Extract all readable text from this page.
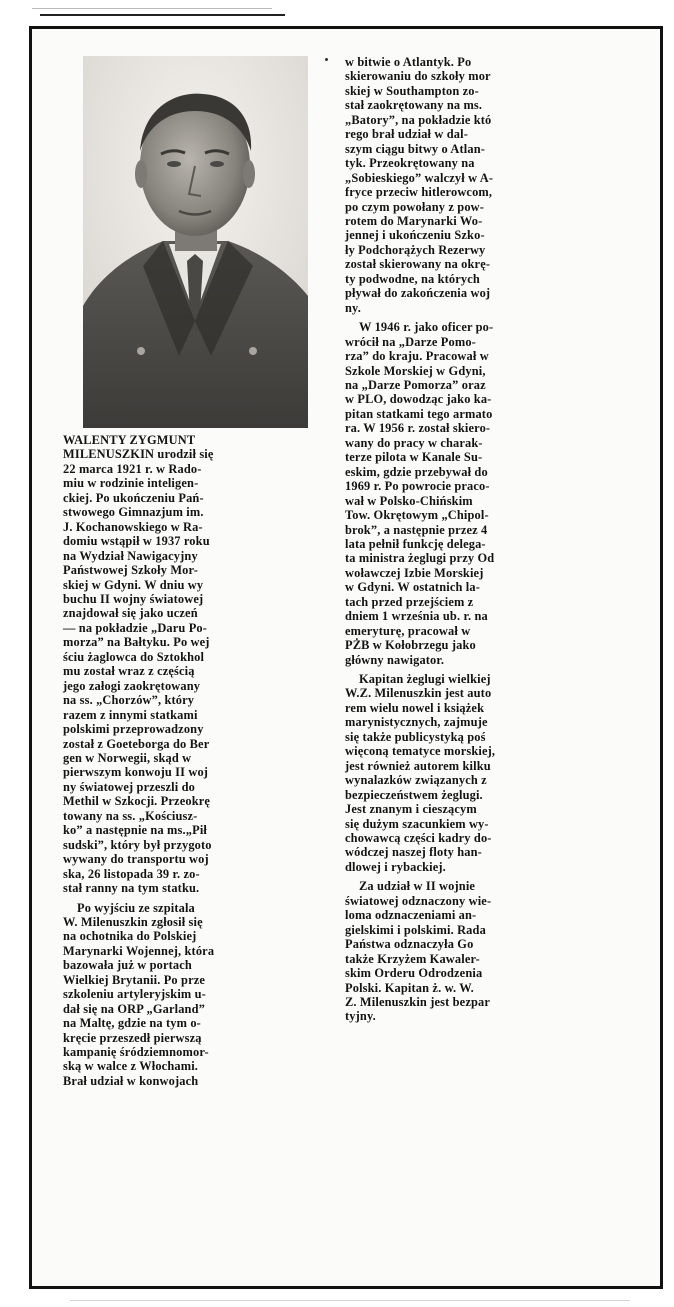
WALENTY ZYGMUNT
MILENUSZKIN urodził się
22 marca 1921 r. w Rado-
miu w rodzinie inteligen-
ckiej. Po ukończeniu Pań-
stwowego Gimnazjum im.
J. Kochanowskiego w Ra-
domiu wstąpił w 1937 roku
na Wydział Nawigacyjny
Państwowej Szkoły Mor-
skiej w Gdyni. W dniu wy
buchu II wojny światowej
znajdował się jako uczeń
— na pokładzie „Daru Po-
morza” na Bałtyku. Po wej
ściu żaglowca do Sztokhol
mu został wraz z częścią
jego załogi zaokrętowany
na ss. „Chorzów”, który
razem z innymi statkami
polskimi przeprowadzony
został z Goeteborga do Ber
gen w Norwegii, skąd w
pierwszym konwoju II woj
ny światowej przeszli do
Methil w Szkocji. Przeokrę
towany na ss. „Kościusz-
ko” a następnie na ms.„Pił
sudski”, który był przygoto
wywany do transportu woj
ska, 26 listopada 39 r. zo-
stał ranny na tym statku.

Po wyjściu ze szpitala
W. Milenuszkin zgłosił się
na ochotnika do Polskiej
Marynarki Wojennej, która
bazowała już w portach
Wielkiej Brytanii. Po prze
szkoleniu artyleryjskim u-
dał się na ORP „Garland”
na Maltę, gdzie na tym o-
kręcie przeszedł pierwszą
kampanię śródziemnomor-
ską w walce z Włochami.
Brał udział w konwojach

w bitwie o Atlantyk. Po
skierowaniu do szkoły mor
skiej w Southampton zo-
stał zaokrętowany na ms.
„Batory”, na pokładzie któ
rego brał udział w dal-
szym ciągu bitwy o Atlan-
tyk. Przeokrętowany na
„Sobieskiego” walczył w A-
fryce przeciw hitlerowcom,
po czym powołany z pow-
rotem do Marynarki Wo-
jennej i ukończeniu Szko-
ły Podchorążych Rezerwy
został skierowany na okrę-
ty podwodne, na których
pływał do zakończenia woj
ny.

W 1946 r. jako oficer po-
wrócił na „Darze Pomo-
rza” do kraju. Pracował w
Szkole Morskiej w Gdyni,
na „Darze Pomorza” oraz
w PLO, dowodząc jako ka-
pitan statkami tego armato
ra. W 1956 r. został skiero-
wany do pracy w charak-
terze pilota w Kanale Su-
eskim, gdzie przebywał do
1969 r. Po powrocie praco-
wał w Polsko-Chińskim
Tow. Okrętowym „Chipol-
brok”, a następnie przez 4
lata pełnił funkcję delega-
ta ministra żeglugi przy Od
woławczej Izbie Morskiej
w Gdyni. W ostatnich la-
tach przed przejściem z
dniem 1 września ub. r. na
emeryturę, pracował w
PŻB w Kołobrzegu jako
główny nawigator.

Kapitan żeglugi wielkiej
W.Z. Milenuszkin jest auto
rem wielu nowel i książek
marynistycznych, zajmuje
się także publicystyką poś
więconą tematyce morskiej,
jest również autorem kilku
wynalazków związanych z
bezpieczeństwem żeglugi.
Jest znanym i cieszącym
się dużym szacunkiem wy-
chowawcą części kadry do-
wódczej naszej floty han-
dlowej i rybackiej.

Za udział w II wojnie
światowej odznaczony wie-
loma odznaczeniami an-
gielskimi i polskimi. Rada
Państwa odznaczyła Go
także Krzyżem Kawaler-
skim Orderu Odrodzenia
Polski. Kapitan ż. w. W.
Z. Milenuszkin jest bezpar
tyjny.
